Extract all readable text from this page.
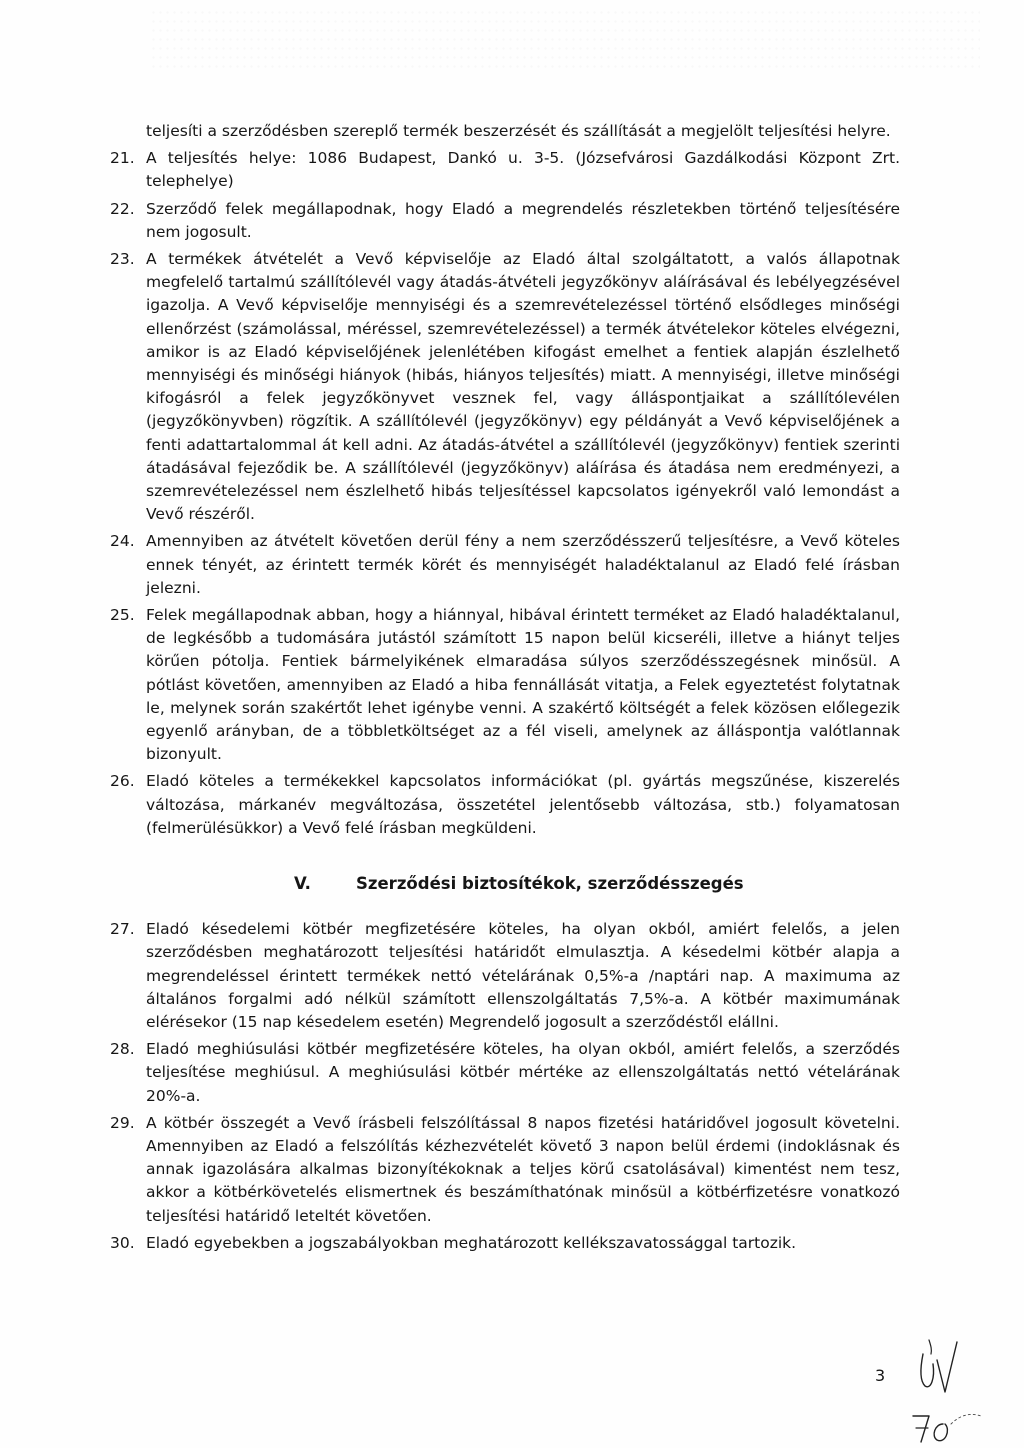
teljesíti a szerződésben szereplő termék beszerzését és szállítását a megjelölt teljesítési helyre.

21. A teljesítés helye: 1086 Budapest, Dankó u. 3-5. (Józsefvárosi Gazdálkodási Központ Zrt. telephelye)

22. Szerződő felek megállapodnak, hogy Eladó a megrendelés részletekben történő teljesítésére nem jogosult.

23. A termékek átvételét a Vevő képviselője az Eladó által szolgáltatott, a valós állapotnak megfelelő tartalmú szállítólevél vagy átadás-átvételi jegyzőkönyv aláírásával és lebélyegzésével igazolja. A Vevő képviselője mennyiségi és a szemrevételezéssel történő elsődleges minőségi ellenőrzést (számolással, méréssel, szemrevételezéssel) a termék átvételekor köteles elvégezni, amikor is az Eladó képviselőjének jelenlétében kifogást emelhet a fentiek alapján észlelhető mennyiségi és minőségi hiányok (hibás, hiányos teljesítés) miatt. A mennyiségi, illetve minőségi kifogásról a felek jegyzőkönyvet vesznek fel, vagy álláspontjaikat a szállítólevélen (jegyzőkönyvben) rögzítik. A szállítólevél (jegyzőkönyv) egy példányát a Vevő képviselőjének a fenti adattartalommal át kell adni. Az átadás-átvétel a szállítólevél (jegyzőkönyv) fentiek szerinti átadásával fejeződik be. A szállítólevél (jegyzőkönyv) aláírása és átadása nem eredményezi, a szemrevételezéssel nem észlelhető hibás teljesítéssel kapcsolatos igényekről való lemondást a Vevő részéről.

24. Amennyiben az átvételt követően derül fény a nem szerződésszerű teljesítésre, a Vevő köteles ennek tényét, az érintett termék körét és mennyiségét haladéktalanul az Eladó felé írásban jelezni.

25. Felek megállapodnak abban, hogy a hiánnyal, hibával érintett terméket az Eladó haladéktalanul, de legkésőbb a tudomására jutástól számított 15 napon belül kicseréli, illetve a hiányt teljes körűen pótolja. Fentiek bármelyikének elmaradása súlyos szerződésszegésnek minősül. A pótlást követően, amennyiben az Eladó a hiba fennállását vitatja, a Felek egyeztetést folytatnak le, melynek során szakértőt lehet igénybe venni. A szakértő költségét a felek közösen előlegezik egyenlő arányban, de a többletköltséget az a fél viseli, amelynek az álláspontja valótlannak bizonyult.

26. Eladó köteles a termékekkel kapcsolatos információkat (pl. gyártás megszűnése, kiszerelés változása, márkanév megváltozása, összetétel jelentősebb változása, stb.) folyamatosan (felmerülésükkor) a Vevő felé írásban megküldeni.

V.	Szerződési biztosítékok, szerződésszegés

27. Eladó késedelemi kötbér megfizetésére köteles, ha olyan okból, amiért felelős, a jelen szerződésben meghatározott teljesítési határidőt elmulasztja. A késedelmi kötbér alapja a megrendeléssel érintett termékek nettó vételárának 0,5%-a /naptári nap. A maximuma az általános forgalmi adó nélkül számított ellenszolgáltatás 7,5%-a. A kötbér maximumának elérésekor (15 nap késedelem esetén) Megrendelő jogosult a szerződéstől elállni.

28. Eladó meghiúsulási kötbér megfizetésére köteles, ha olyan okból, amiért felelős, a szerződés teljesítése meghiúsul. A meghiúsulási kötbér mértéke az ellenszolgáltatás nettó vételárának 20%-a.

29. A kötbér összegét a Vevő írásbeli felszólítással 8 napos fizetési határidővel jogosult követelni. Amennyiben az Eladó a felszólítás kézhezvételét követő 3 napon belül érdemi (indoklásnak és annak igazolására alkalmas bizonyítékoknak a teljes körű csatolásával) kimentést nem tesz, akkor a kötbérkövetelés elismertnek és beszámíthatónak minősül a kötbérfizetésre vonatkozó teljesítési határidő leteltét követően.

30. Eladó egyebekben a jogszabályokban meghatározott kellékszavatossággal tartozik.

3
